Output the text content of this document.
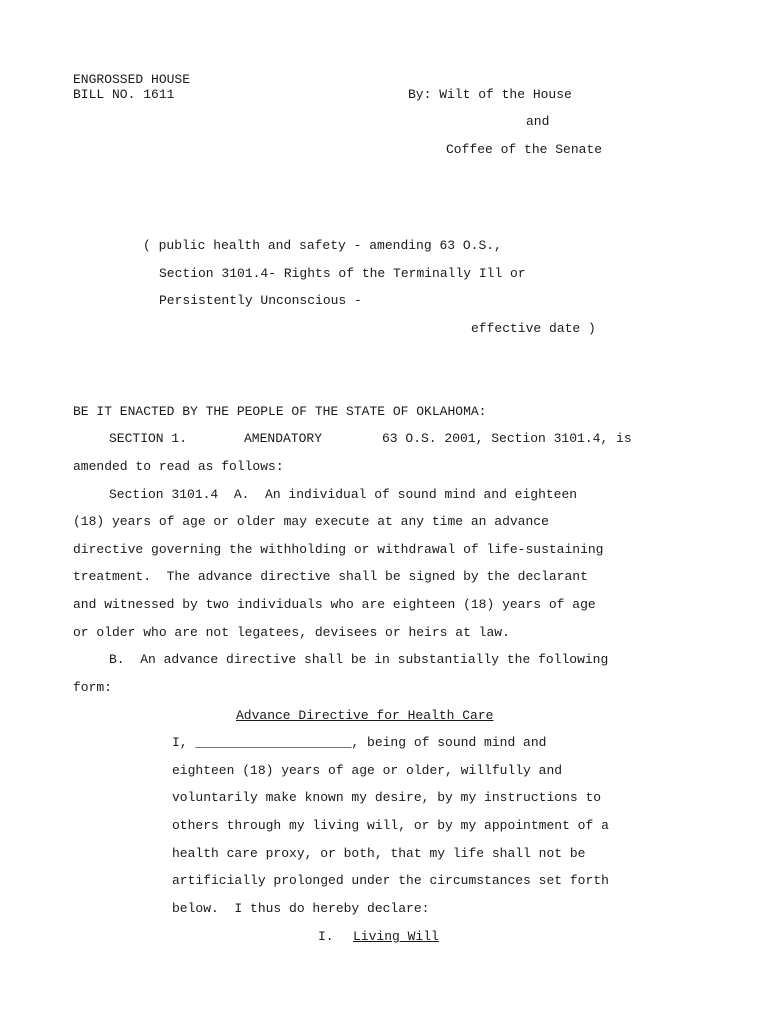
ENGROSSED HOUSE
BILL NO. 1611	By: Wilt of the House
and
Coffee of the Senate
( public health and safety - amending 63 O.S.,
Section 3101.4- Rights of the Terminally Ill or
Persistently Unconscious -
effective date )
BE IT ENACTED BY THE PEOPLE OF THE STATE OF OKLAHOMA:
SECTION 1.	AMENDATORY	63 O.S. 2001, Section 3101.4, is
amended to read as follows:
Section 3101.4  A.  An individual of sound mind and eighteen
(18) years of age or older may execute at any time an advance
directive governing the withholding or withdrawal of life-sustaining
treatment.  The advance directive shall be signed by the declarant
and witnessed by two individuals who are eighteen (18) years of age
or older who are not legatees, devisees or heirs at law.
B.  An advance directive shall be in substantially the following
form:
Advance Directive for Health Care
I, ____________________, being of sound mind and
eighteen (18) years of age or older, willfully and
voluntarily make known my desire, by my instructions to
others through my living will, or by my appointment of a
health care proxy, or both, that my life shall not be
artificially prolonged under the circumstances set forth
below.  I thus do hereby declare:
I. Living Will
